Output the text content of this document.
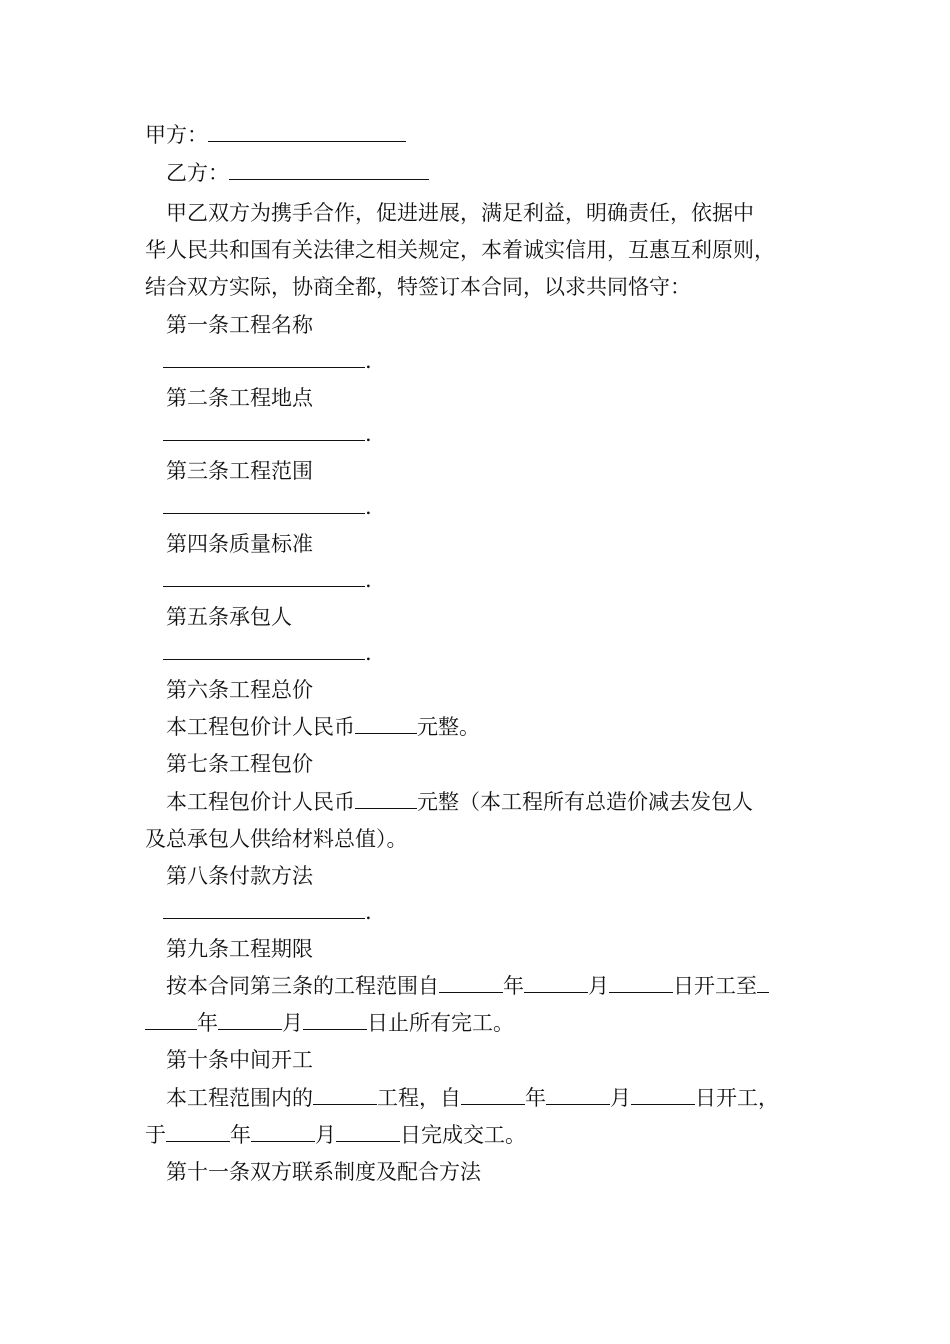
甲方：
乙方：
甲乙双方为携手合作，促进进展，满足利益，明确责任，依据中
华人民共和国有关法律之相关规定，本着诚实信用，互惠互利原则，
结合双方实际，协商全都，特签订本合同，以求共同恪守：
第一条工程名称
.
第二条工程地点
.
第三条工程范围
.
第四条质量标准
.
第五条承包人
.
第六条工程总价
本工程包价计人民币	元整。
第七条工程包价
本工程包价计人民币	元整（本工程所有总造价减去发包人
及总承包人供给材料总值）。
第八条付款方法
.
第九条工程期限
按本合同第三条的工程范围自	年	月	日开工至
年	月	日止所有完工。
第十条中间开工
本工程范围内的	工程，自	年	月	日开工，
于	年	月	日完成交工。
第十一条双方联系制度及配合方法
